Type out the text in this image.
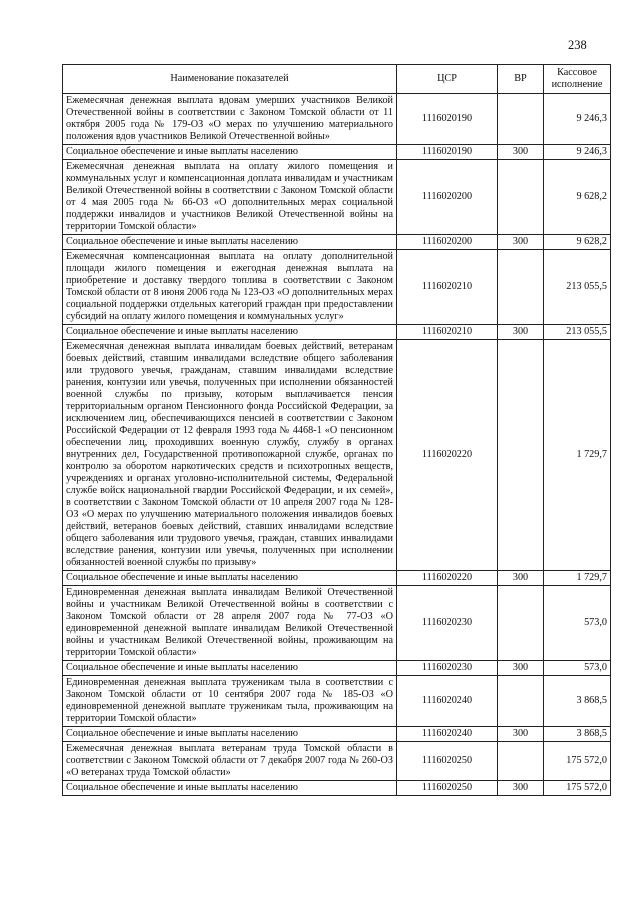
238
Наименование показателей	ЦСР	ВР	Кассовое исполнение
Ежемесячная денежная выплата вдовам умерших участников Великой Отечественной войны в соответствии с Законом Томской области от 11 октября 2005 года № 179-ОЗ «О мерах по улучшению материального положения вдов участников Великой Отечественной войны»	1116020190		9 246,3
Социальное обеспечение и иные выплаты населению	1116020190	300	9 246,3
Ежемесячная денежная выплата на оплату жилого помещения и коммунальных услуг и компенсационная доплата инвалидам и участникам Великой Отечественной войны в соответствии с Законом Томской области от 4 мая 2005 года № 66-ОЗ «О дополнительных мерах социальной поддержки инвалидов и участников Великой Отечественной войны на территории Томской области»	1116020200		9 628,2
Социальное обеспечение и иные выплаты населению	1116020200	300	9 628,2
Ежемесячная компенсационная выплата на оплату дополнительной площади жилого помещения и ежегодная денежная выплата на приобретение и доставку твердого топлива в соответствии с Законом Томской области от 8 июня 2006 года № 123-ОЗ «О дополнительных мерах социальной поддержки отдельных категорий граждан при предоставлении субсидий на оплату жилого помещения и коммунальных услуг»	1116020210		213 055,5
Социальное обеспечение и иные выплаты населению	1116020210	300	213 055,5
Ежемесячная денежная выплата инвалидам боевых действий, ветеранам боевых действий, ставшим инвалидами вследствие общего заболевания или трудового увечья, гражданам, ставшим инвалидами вследствие ранения, контузии или увечья, полученных при исполнении обязанностей военной службы по призыву, которым выплачивается пенсия территориальным органом Пенсионного фонда Российской Федерации, за исключением лиц, обеспечивающихся пенсией в соответствии с Законом Российской Федерации от 12 февраля 1993 года № 4468-1 «О пенсионном обеспечении лиц, проходивших военную службу, службу в органах внутренних дел, Государственной противопожарной службе, органах по контролю за оборотом наркотических средств и психотропных веществ, учреждениях и органах уголовно-исполнительной системы, Федеральной службе войск национальной гвардии Российской Федерации, и их семей», в соответствии с Законом Томской области от 10 апреля 2007 года № 128-ОЗ «О мерах по улучшению материального положения инвалидов боевых действий, ветеранов боевых действий, ставших инвалидами вследствие общего заболевания или трудового увечья, граждан, ставших инвалидами вследствие ранения, контузии или увечья, полученных при исполнении обязанностей военной службы по призыву»	1116020220		1 729,7
Социальное обеспечение и иные выплаты населению	1116020220	300	1 729,7
Единовременная денежная выплата инвалидам Великой Отечественной войны и участникам Великой Отечественной войны в соответствии с Законом Томской области от 28 апреля 2007 года № 77-ОЗ «О единовременной денежной выплате инвалидам Великой Отечественной войны и участникам Великой Отечественной войны, проживающим на территории Томской области»	1116020230		573,0
Социальное обеспечение и иные выплаты населению	1116020230	300	573,0
Единовременная денежная выплата труженикам тыла в соответствии с Законом Томской области от 10 сентября 2007 года № 185-ОЗ «О единовременной денежной выплате труженикам тыла, проживающим на территории Томской области»	1116020240		3 868,5
Социальное обеспечение и иные выплаты населению	1116020240	300	3 868,5
Ежемесячная денежная выплата ветеранам труда Томской области в соответствии с Законом Томской области от 7 декабря 2007 года № 260-ОЗ «О ветеранах труда Томской области»	1116020250		175 572,0
Социальное обеспечение и иные выплаты населению	1116020250	300	175 572,0
